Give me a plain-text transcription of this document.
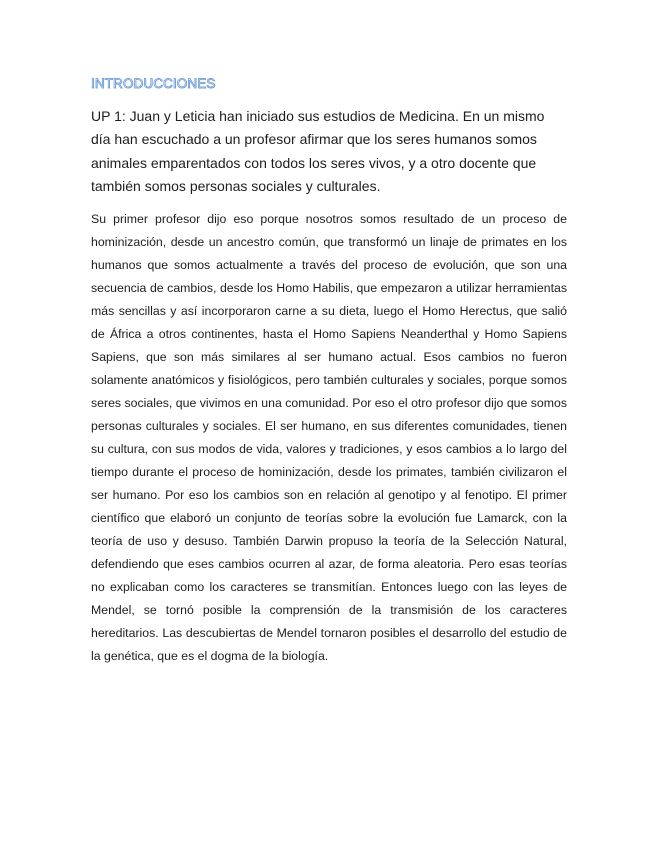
INTRODUCCIONES

UP 1: Juan y Leticia han iniciado sus estudios de Medicina. En un mismo día han escuchado a un profesor afirmar que los seres humanos somos animales emparentados con todos los seres vivos, y a otro docente que también somos personas sociales y culturales.

Su primer profesor dijo eso porque nosotros somos resultado de un proceso de hominización, desde un ancestro común, que transformó un linaje de primates en los humanos que somos actualmente a través del proceso de evolución, que son una secuencia de cambios, desde los Homo Habilis, que empezaron a utilizar herramientas más sencillas y así incorporaron carne a su dieta, luego el Homo Herectus, que salió de África a otros continentes, hasta el Homo Sapiens Neanderthal y Homo Sapiens Sapiens, que son más similares al ser humano actual. Esos cambios no fueron solamente anatómicos y fisiológicos, pero también culturales y sociales, porque somos seres sociales, que vivimos en una comunidad. Por eso el otro profesor dijo que somos personas culturales y sociales. El ser humano, en sus diferentes comunidades, tienen su cultura, con sus modos de vida, valores y tradiciones, y esos cambios a lo largo del tiempo durante el proceso de hominización, desde los primates, también civilizaron el ser humano. Por eso los cambios son en relación al genotipo y al fenotipo. El primer científico que elaboró un conjunto de teorías sobre la evolución fue Lamarck, con la teoría de uso y desuso. También Darwin propuso la teoría de la Selección Natural, defendiendo que eses cambios ocurren al azar, de forma aleatoria. Pero esas teorías no explicaban como los caracteres se transmitían. Entonces luego con las leyes de Mendel, se tornó posible la comprensión de la transmisión de los caracteres hereditarios. Las descubiertas de Mendel tornaron posibles el desarrollo del estudio de la genética, que es el dogma de la biología.
